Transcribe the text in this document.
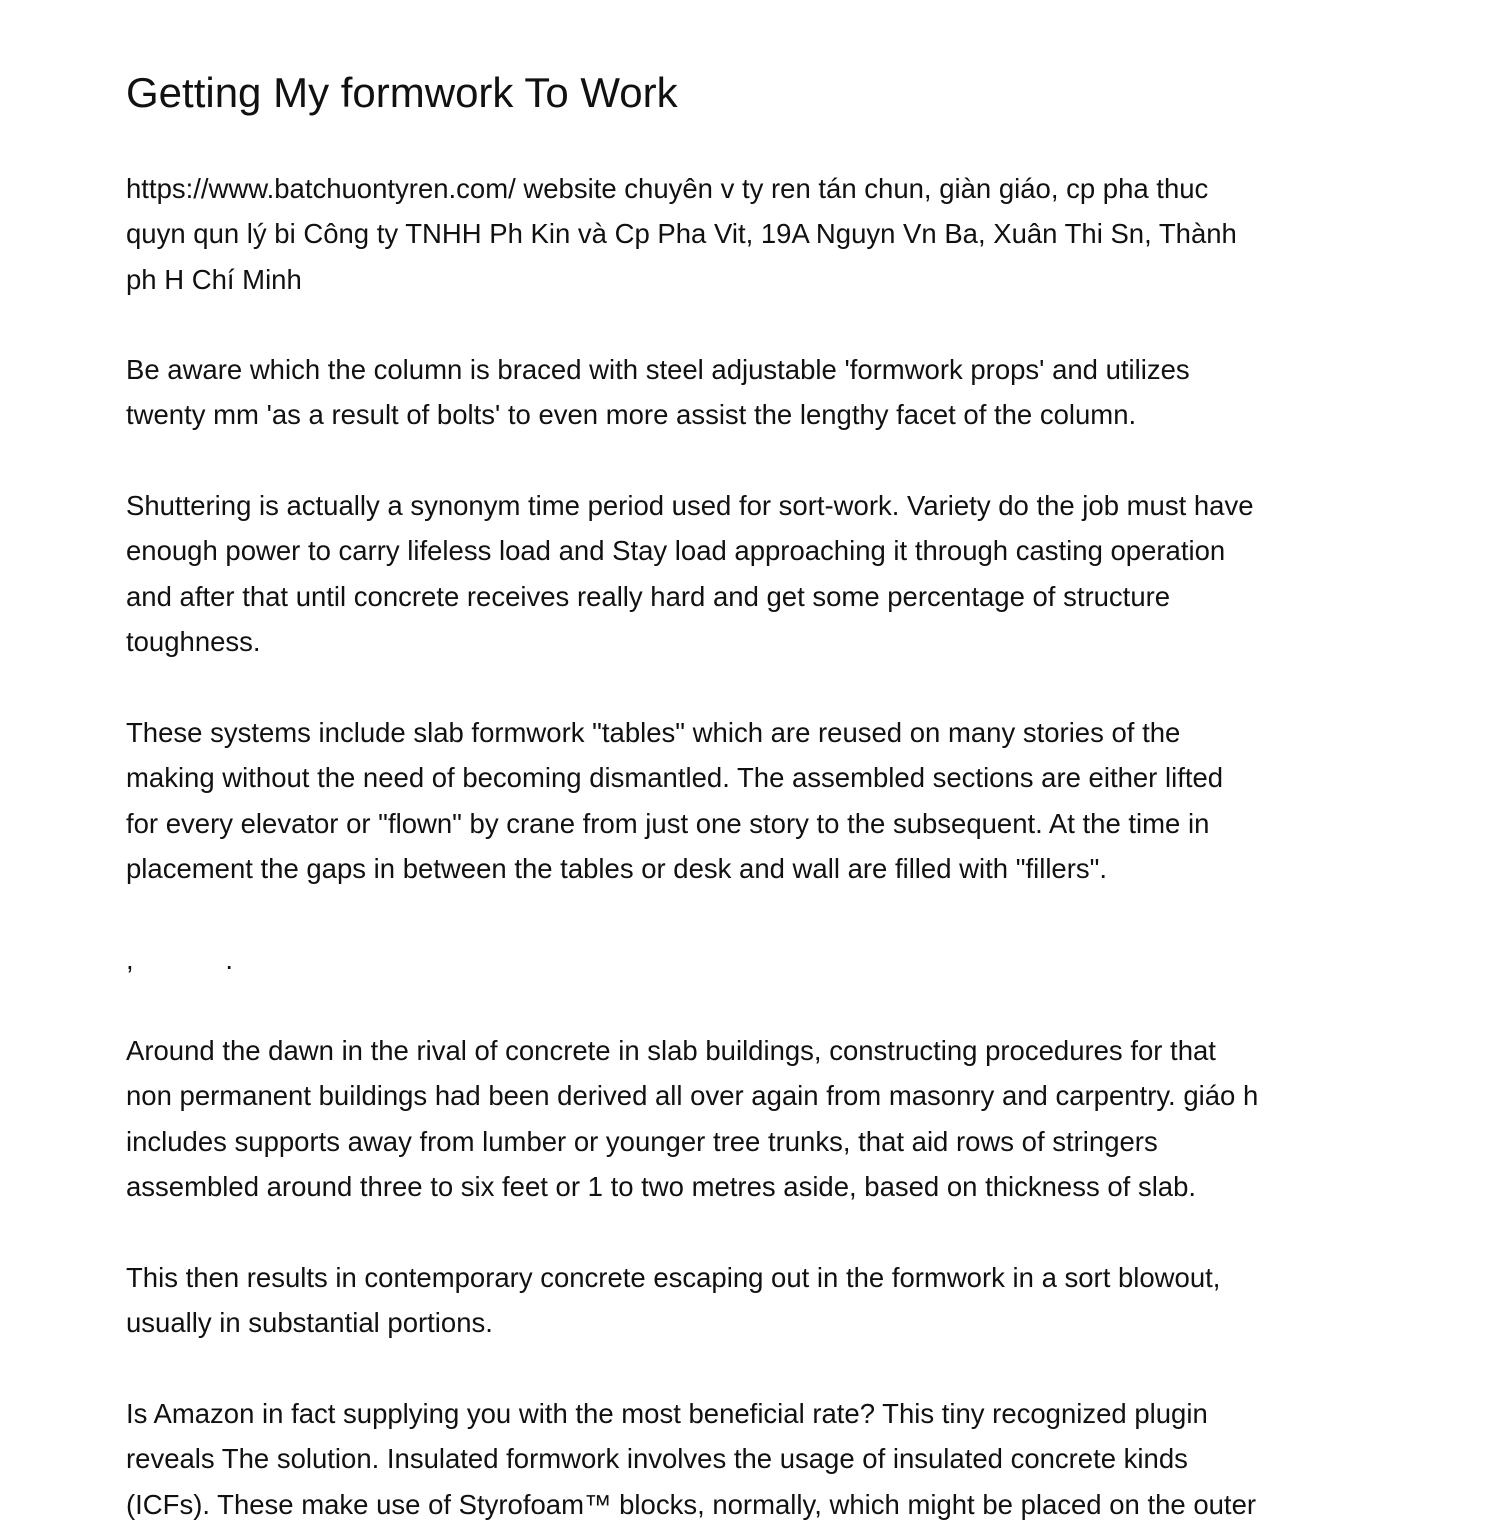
Getting My formwork To Work

https://www.batchuontyren.com/ website chuyên v ty ren tán chun, giàn giáo, cp pha thuc
quyn qun lý bi Công ty TNHH Ph Kin và Cp Pha Vit, 19A Nguyn Vn Ba, Xuân Thi Sn, Thành
ph H Chí Minh

Be aware which the column is braced with steel adjustable 'formwork props' and utilizes
twenty mm 'as a result of bolts' to even more assist the lengthy facet of the column.

Shuttering is actually a synonym time period used for sort-work. Variety do the job must have
enough power to carry lifeless load and Stay load approaching it through casting operation
and after that until concrete receives really hard and get some percentage of structure
toughness.

These systems include slab formwork "tables" which are reused on many stories of the
making without the need of becoming dismantled. The assembled sections are either lifted
for every elevator or "flown" by crane from just one story to the subsequent. At the time in
placement the gaps in between the tables or desk and wall are filled with "fillers".

,            .

Around the dawn in the rival of concrete in slab buildings, constructing procedures for that
non permanent buildings had been derived all over again from masonry and carpentry. giáo h
includes supports away from lumber or younger tree trunks, that aid rows of stringers
assembled around three to six feet or 1 to two metres aside, based on thickness of slab.

This then results in contemporary concrete escaping out in the formwork in a sort blowout,
usually in substantial portions.

Is Amazon in fact supplying you with the most beneficial rate? This tiny recognized plugin
reveals The solution. Insulated formwork involves the usage of insulated concrete kinds
(ICFs). These make use of Styrofoam™ blocks, normally, which might be placed on the outer
